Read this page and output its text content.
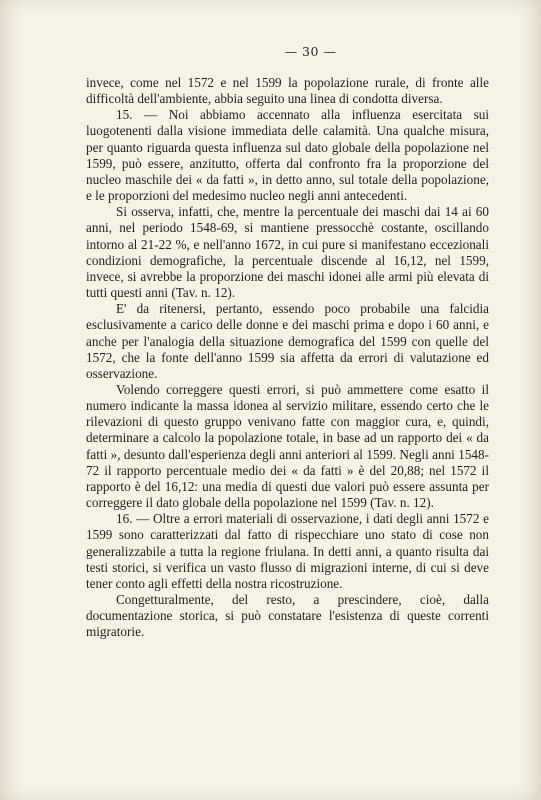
— 30 —

invece, come nel 1572 e nel 1599 la popolazione rurale, di fronte alle difficoltà dell'ambiente, abbia seguito una linea di condotta diversa.

15. — Noi abbiamo accennato alla influenza esercitata sui luogotenenti dalla visione immediata delle calamità. Una qualche misura, per quanto riguarda questa influenza sul dato globale della popolazione nel 1599, può essere, anzitutto, offerta dal confronto fra la proporzione del nucleo maschile dei « da fatti », in detto anno, sul totale della popolazione, e le proporzioni del medesimo nucleo negli anni antecedenti.

Si osserva, infatti, che, mentre la percentuale dei maschi dai 14 ai 60 anni, nel periodo 1548-69, si mantiene pressocchè costante, oscillando intorno al 21-22 %, e nell'anno 1672, in cui pure si manifestano eccezionali condizioni demografiche, la percentuale discende al 16,12, nel 1599, invece, si avrebbe la proporzione dei maschi idonei alle armi più elevata di tutti questi anni (Tav. n. 12).

E' da ritenersi, pertanto, essendo poco probabile una falcidia esclusivamente a carico delle donne e dei maschi prima e dopo i 60 anni, e anche per l'analogia della situazione demografica del 1599 con quelle del 1572, che la fonte dell'anno 1599 sia affetta da errori di valutazione ed osservazione.

Volendo correggere questi errori, si può ammettere come esatto il numero indicante la massa idonea al servizio militare, essendo certo che le rilevazioni di questo gruppo venivano fatte con maggior cura, e, quindi, determinare a calcolo la popolazione totale, in base ad un rapporto dei « da fatti », desunto dall'esperienza degli anni anteriori al 1599. Negli anni 1548-72 il rapporto percentuale medio dei « da fatti » è del 20,88; nel 1572 il rapporto è del 16,12: una media di questi due valori può essere assunta per correggere il dato globale della popolazione nel 1599 (Tav. n. 12).

16. — Oltre a errori materiali di osservazione, i dati degli anni 1572 e 1599 sono caratterizzati dal fatto di rispecchiare uno stato di cose non generalizzabile a tutta la regione friulana. In detti anni, a quanto risulta dai testi storici, si verifica un vasto flusso di migrazioni interne, di cui si deve tener conto agli effetti della nostra ricostruzione.

Congetturalmente, del resto, a prescindere, cioè, dalla documentazione storica, si può constatare l'esistenza di queste correnti migratorie.
